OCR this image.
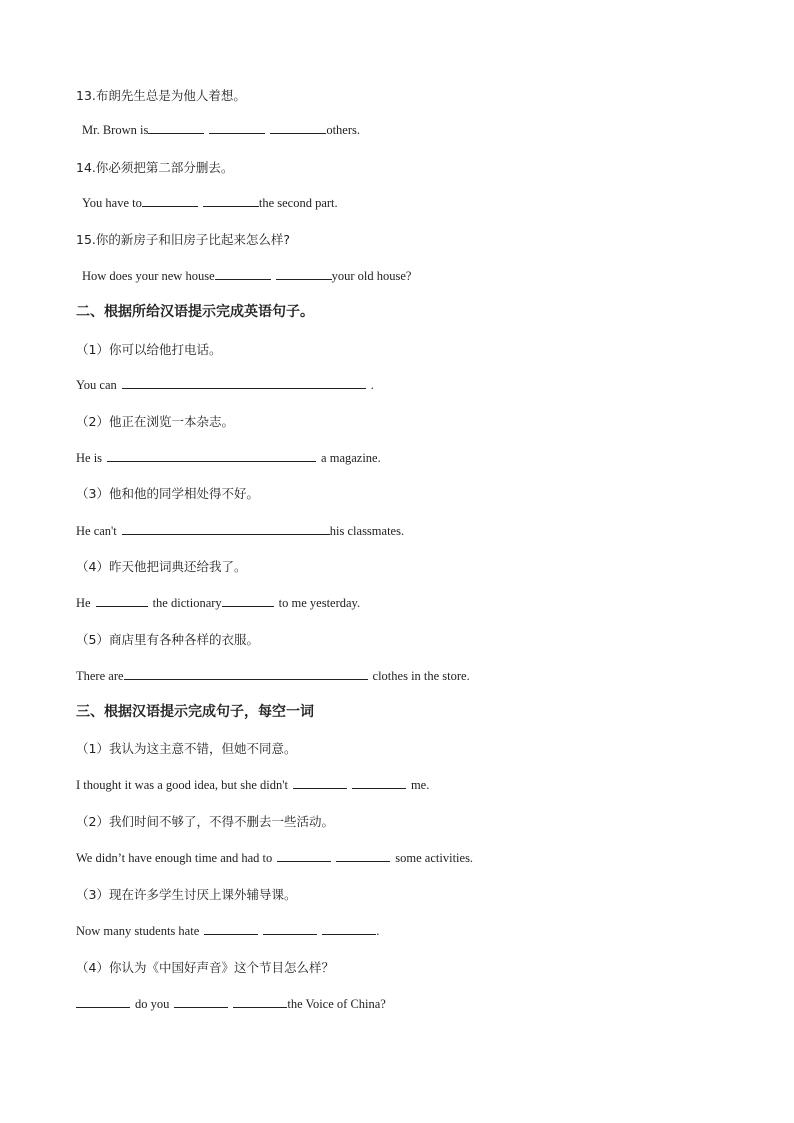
13.布朗先生总是为他人着想。
Mr. Brown is	others.
14.你必须把第二部分删去。
You have to	the second part.
15.你的新房子和旧房子比起来怎么样?
How does your new house	your old house?
二、根据所给汉语提示完成英语句子。
（1）你可以给他打电话。
You can	.
（2）他正在浏览一本杂志。
He is	a magazine.
（3）他和他的同学相处得不好。
He can't	his classmates.
（4）昨天他把词典还给我了。
He	the dictionary	to me yesterday.
（5）商店里有各种各样的衣服。
There are	clothes in the store.
三、根据汉语提示完成句子，每空一词
（1）我认为这主意不错，但她不同意。
I thought it was a good idea, but she didn't	me.
（2）我们时间不够了，不得不删去一些活动。
We didn’t have enough time and had to	some activities.
（3）现在许多学生讨厌上课外辅导课。
Now many students hate	.
（4）你认为《中国好声音》这个节目怎么样？
do you	the Voice of China?
